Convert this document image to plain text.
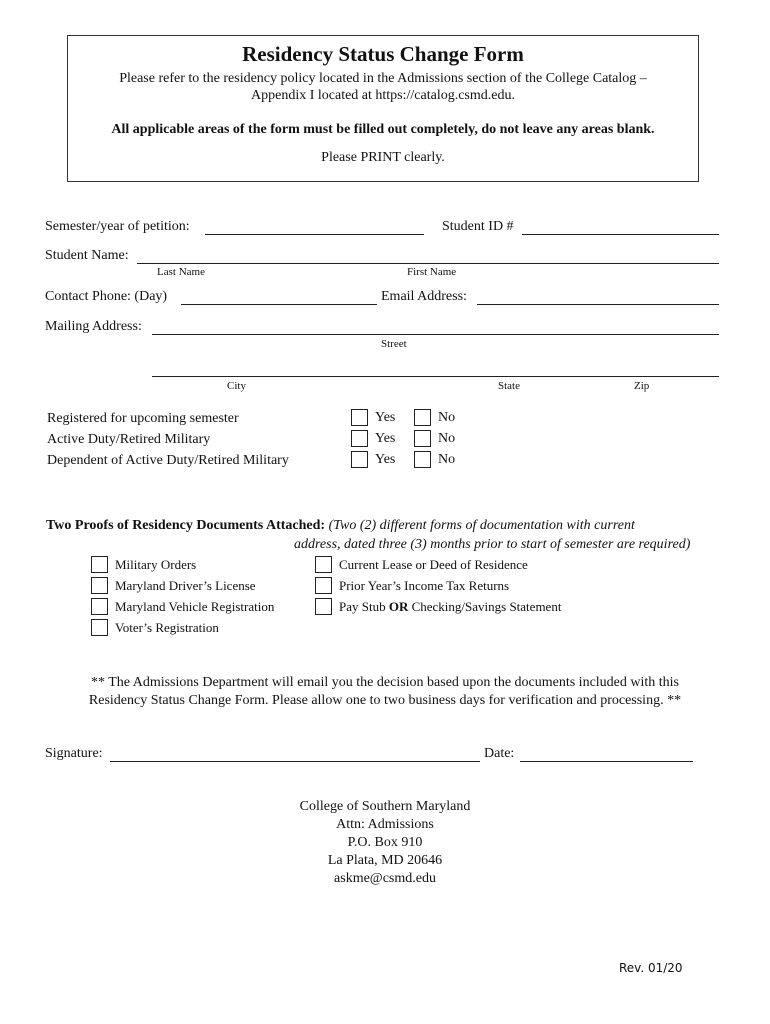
Residency Status Change Form
Please refer to the residency policy located in the Admissions section of the College Catalog –
Appendix I located at https://catalog.csmd.edu.
All applicable areas of the form must be filled out completely, do not leave any areas blank.
Please PRINT clearly.
Semester/year of petition:	Student ID #
Student Name:
Last Name	First Name
Contact Phone: (Day)	Email Address:
Mailing Address:
Street
City	State	Zip
Registered for upcoming semester	Yes	No
Active Duty/Retired Military	Yes	No
Dependent of Active Duty/Retired Military	Yes	No
Two Proofs of Residency Documents Attached: (Two (2) different forms of documentation with current
address, dated three (3) months prior to start of semester are required)
Military Orders
Maryland Driver’s License
Maryland Vehicle Registration
Voter’s Registration
Current Lease or Deed of Residence
Prior Year’s Income Tax Returns
Pay Stub OR Checking/Savings Statement
** The Admissions Department will email you the decision based upon the documents included with this
Residency Status Change Form. Please allow one to two business days for verification and processing. **
Signature:	Date:
College of Southern Maryland
Attn: Admissions
P.O. Box 910
La Plata, MD 20646
askme@csmd.edu
Rev. 01/20
